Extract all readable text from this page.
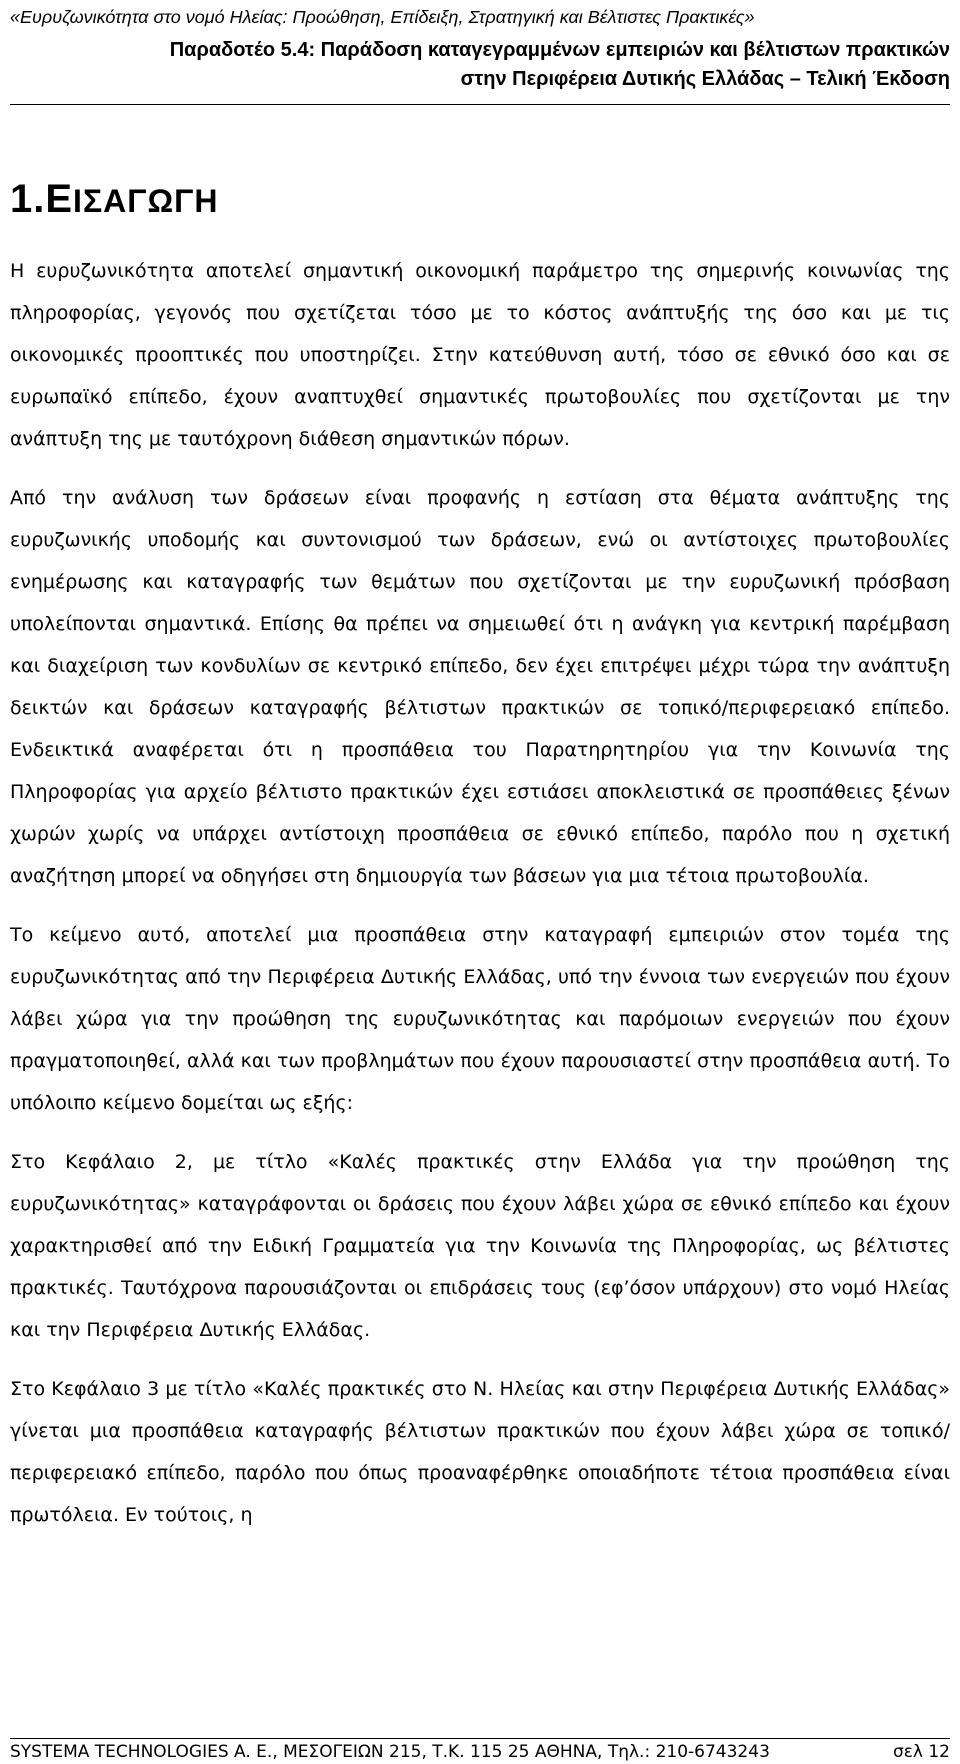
«Ευρυζωνικότητα στο νομό Ηλείας: Προώθηση, Επίδειξη, Στρατηγική και Βέλτιστες Πρακτικές»
Παραδοτέο 5.4: Παράδοση καταγεγραμμένων εμπειριών και βέλτιστων πρακτικών
στην Περιφέρεια Δυτικής Ελλάδας – Τελική Έκδοση
1.ΕΙΣΑΓΩΓΗ

Η ευρυζωνικότητα αποτελεί σημαντική οικονομική παράμετρο της σημερινής κοινωνίας της πληροφορίας, γεγονός που σχετίζεται τόσο με το κόστος ανάπτυξής της όσο και με τις οικονομικές προοπτικές που υποστηρίζει. Στην κατεύθυνση αυτή, τόσο σε εθνικό όσο και σε ευρωπαϊκό επίπεδο, έχουν αναπτυχθεί σημαντικές πρωτοβουλίες που σχετίζονται με την ανάπτυξη της με ταυτόχρονη διάθεση σημαντικών πόρων.

Από την ανάλυση των δράσεων είναι προφανής η εστίαση στα θέματα ανάπτυξης της ευρυζωνικής υποδομής και συντονισμού των δράσεων, ενώ οι αντίστοιχες πρωτοβουλίες ενημέρωσης και καταγραφής των θεμάτων που σχετίζονται με την ευρυζωνική πρόσβαση υπολείπονται σημαντικά. Επίσης θα πρέπει να σημειωθεί ότι η ανάγκη για κεντρική παρέμβαση και διαχείριση των κονδυλίων σε κεντρικό επίπεδο, δεν έχει επιτρέψει μέχρι τώρα την ανάπτυξη δεικτών και δράσεων καταγραφής βέλτιστων πρακτικών σε τοπικό/περιφερειακό επίπεδο. Ενδεικτικά αναφέρεται ότι η προσπάθεια του Παρατηρητηρίου για την Κοινωνία της Πληροφορίας για αρχείο βέλτιστο πρακτικών έχει εστιάσει αποκλειστικά σε προσπάθειες ξένων χωρών χωρίς να υπάρχει αντίστοιχη προσπάθεια σε εθνικό επίπεδο, παρόλο που η σχετική αναζήτηση μπορεί να οδηγήσει στη δημιουργία των βάσεων για μια τέτοια πρωτοβουλία.

Το κείμενο αυτό, αποτελεί μια προσπάθεια στην καταγραφή εμπειριών στον τομέα της ευρυζωνικότητας από την Περιφέρεια Δυτικής Ελλάδας, υπό την έννοια των ενεργειών που έχουν λάβει χώρα για την προώθηση της ευρυζωνικότητας και παρόμοιων ενεργειών που έχουν πραγματοποιηθεί, αλλά και των προβλημάτων που έχουν παρουσιαστεί στην προσπάθεια αυτή. Το υπόλοιπο κείμενο δομείται ως εξής:

Στο Κεφάλαιο 2, με τίτλο «Καλές πρακτικές στην Ελλάδα για την προώθηση της ευρυζωνικότητας» καταγράφονται οι δράσεις που έχουν λάβει χώρα σε εθνικό επίπεδο και έχουν χαρακτηρισθεί από την Ειδική Γραμματεία για την Κοινωνία της Πληροφορίας, ως βέλτιστες πρακτικές. Ταυτόχρονα παρουσιάζονται οι επιδράσεις τους (εφ’όσον υπάρχουν) στο νομό Ηλείας και την Περιφέρεια Δυτικής Ελλάδας.

Στο Κεφάλαιο 3 με τίτλο «Καλές πρακτικές στο Ν. Ηλείας και στην Περιφέρεια Δυτικής Ελλάδας» γίνεται μια προσπάθεια καταγραφής βέλτιστων πρακτικών που έχουν λάβει χώρα σε τοπικό/περιφερειακό επίπεδο, παρόλο που όπως προαναφέρθηκε οποιαδήποτε τέτοια προσπάθεια είναι πρωτόλεια. Εν τούτοις, η

SYSTEMA TECHNOLOGIES A. E., ΜΕΣΟΓΕΙΩΝ 215, Τ.Κ. 115 25 ΑΘΗΝΑ, Τηλ.: 210-6743243	σελ 12
